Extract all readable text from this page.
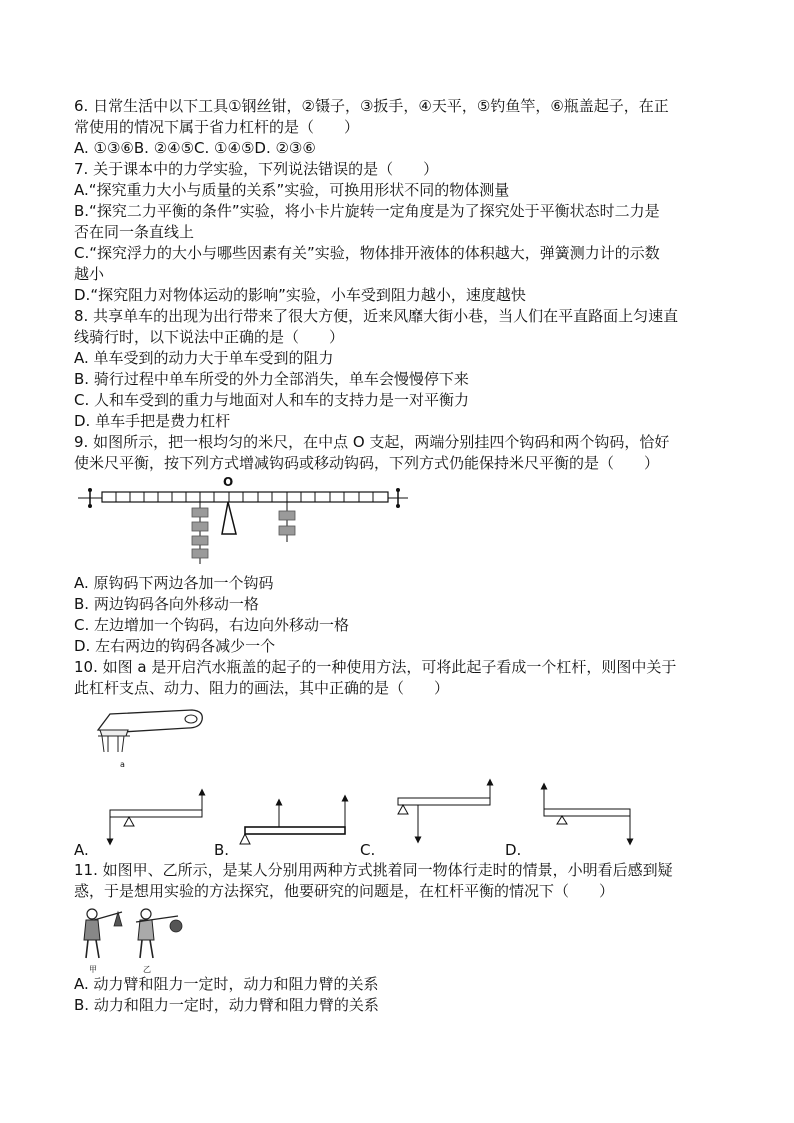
6. 日常生活中以下工具①钢丝钳，②镊子，③扳手，④天平，⑤钓鱼竿，⑥瓶盖起子，在正
常使用的情况下属于省力杠杆的是（　　）
A. ①③⑥B. ②④⑤C. ①④⑤D. ②③⑥
7. 关于课本中的力学实验，下列说法错误的是（　　）
A.“探究重力大小与质量的关系”实验，可换用形状不同的物体测量
B.“探究二力平衡的条件”实验，将小卡片旋转一定角度是为了探究处于平衡状态时二力是
否在同一条直线上
C.“探究浮力的大小与哪些因素有关”实验，物体排开液体的体积越大，弹簧测力计的示数
越小
D.“探究阻力对物体运动的影响”实验，小车受到阻力越小，速度越快
8. 共享单车的出现为出行带来了很大方便，近来风靡大街小巷，当人们在平直路面上匀速直
线骑行时，以下说法中正确的是（　　）
A. 单车受到的动力大于单车受到的阻力
B. 骑行过程中单车所受的外力全部消失，单车会慢慢停下来
C. 人和车受到的重力与地面对人和车的支持力是一对平衡力
D. 单车手把是费力杠杆
9. 如图所示，把一根均匀的米尺，在中点 O 支起，两端分别挂四个钩码和两个钩码，恰好
使米尺平衡，按下列方式增减钩码或移动钩码，下列方式仍能保持米尺平衡的是（　　）
O
A. 原钩码下两边各加一个钩码
B. 两边钩码各向外移动一格
C. 左边增加一个钩码，右边向外移动一格
D. 左右两边的钩码各减少一个
10. 如图 a 是开启汽水瓶盖的起子的一种使用方法，可将此起子看成一个杠杆，则图中关于
此杠杆支点、动力、阻力的画法，其中正确的是（　　）
a
A.	B.	C.	D.
11. 如图甲、乙所示，是某人分别用两种方式挑着同一物体行走时的情景，小明看后感到疑
惑，于是想用实验的方法探究，他要研究的问题是，在杠杆平衡的情况下（　　）
甲	乙
A. 动力臂和阻力一定时，动力和阻力臂的关系
B. 动力和阻力一定时，动力臂和阻力臂的关系
